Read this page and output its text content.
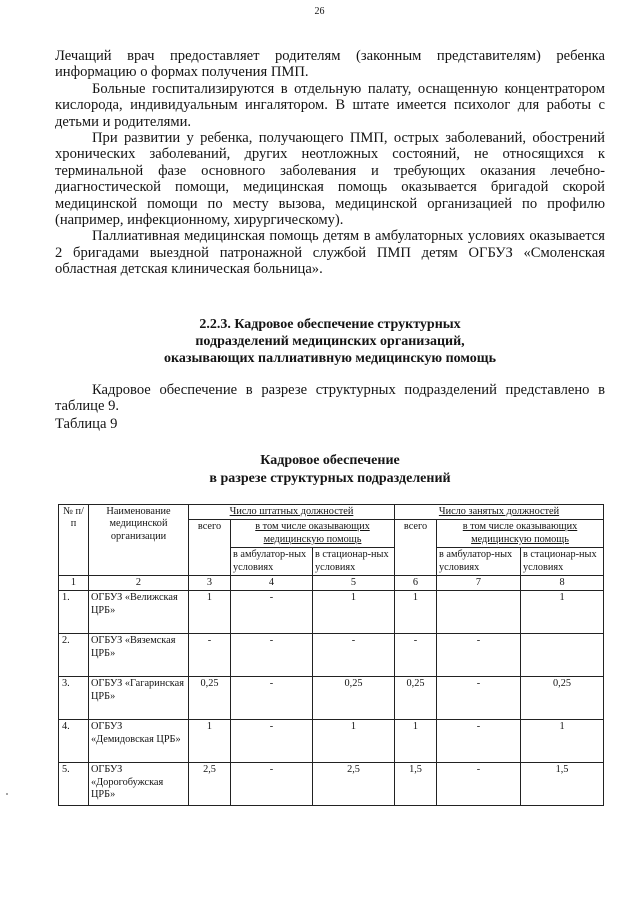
26

Лечащий врач предоставляет родителям (законным представителям) ребенка информацию о формах получения ПМП.

Больные госпитализируются в отдельную палату, оснащенную концентратором кислорода, индивидуальным ингалятором. В штате имеется психолог для работы с детьми и родителями.

При развитии у ребенка, получающего ПМП, острых заболеваний, обострений хронических заболеваний, других неотложных состояний, не относящихся к терминальной фазе основного заболевания и требующих оказания лечебно-диагностической помощи, медицинская помощь оказывается бригадой скорой медицинской помощи по месту вызова, медицинской организацией по профилю (например, инфекционному, хирургическому).

Паллиативная медицинская помощь детям в амбулаторных условиях оказывается 2 бригадами выездной патронажной службой ПМП детям ОГБУЗ «Смоленская областная детская клиническая больница».

2.2.3. Кадровое обеспечение структурных
подразделений медицинских организаций,
оказывающих паллиативную медицинскую помощь

Кадровое обеспечение в разрезе структурных подразделений представлено в таблице 9.

Таблица 9

Кадровое обеспечение
в разрезе структурных подразделений
№ п/п	Наименование медицинской организации	Число штатных должностей			Число занятых должностей		
		всего	в том числе оказывающих медицинскую помощь		всего	в том числе оказывающих медицинскую помощь	
			в амбулатор-ных условиях	в стационар-ных условиях		в амбулатор-ных условиях	в стационар-ных условиях
1	2	3	4	5	6	7	8
1.	ОГБУЗ «Велижская ЦРБ»	1	-	1	1		1
2.	ОГБУЗ «Вяземская ЦРБ»	-	-	-	-	-	
3.	ОГБУЗ «Гагаринская ЦРБ»	0,25	-	0,25	0,25	-	0,25
4.	ОГБУЗ «Демидовская ЦРБ»	1	-	1	1	-	1
5.	ОГБУЗ «Дорогобужская ЦРБ»	2,5	-	2,5	1,5	-	1,5
